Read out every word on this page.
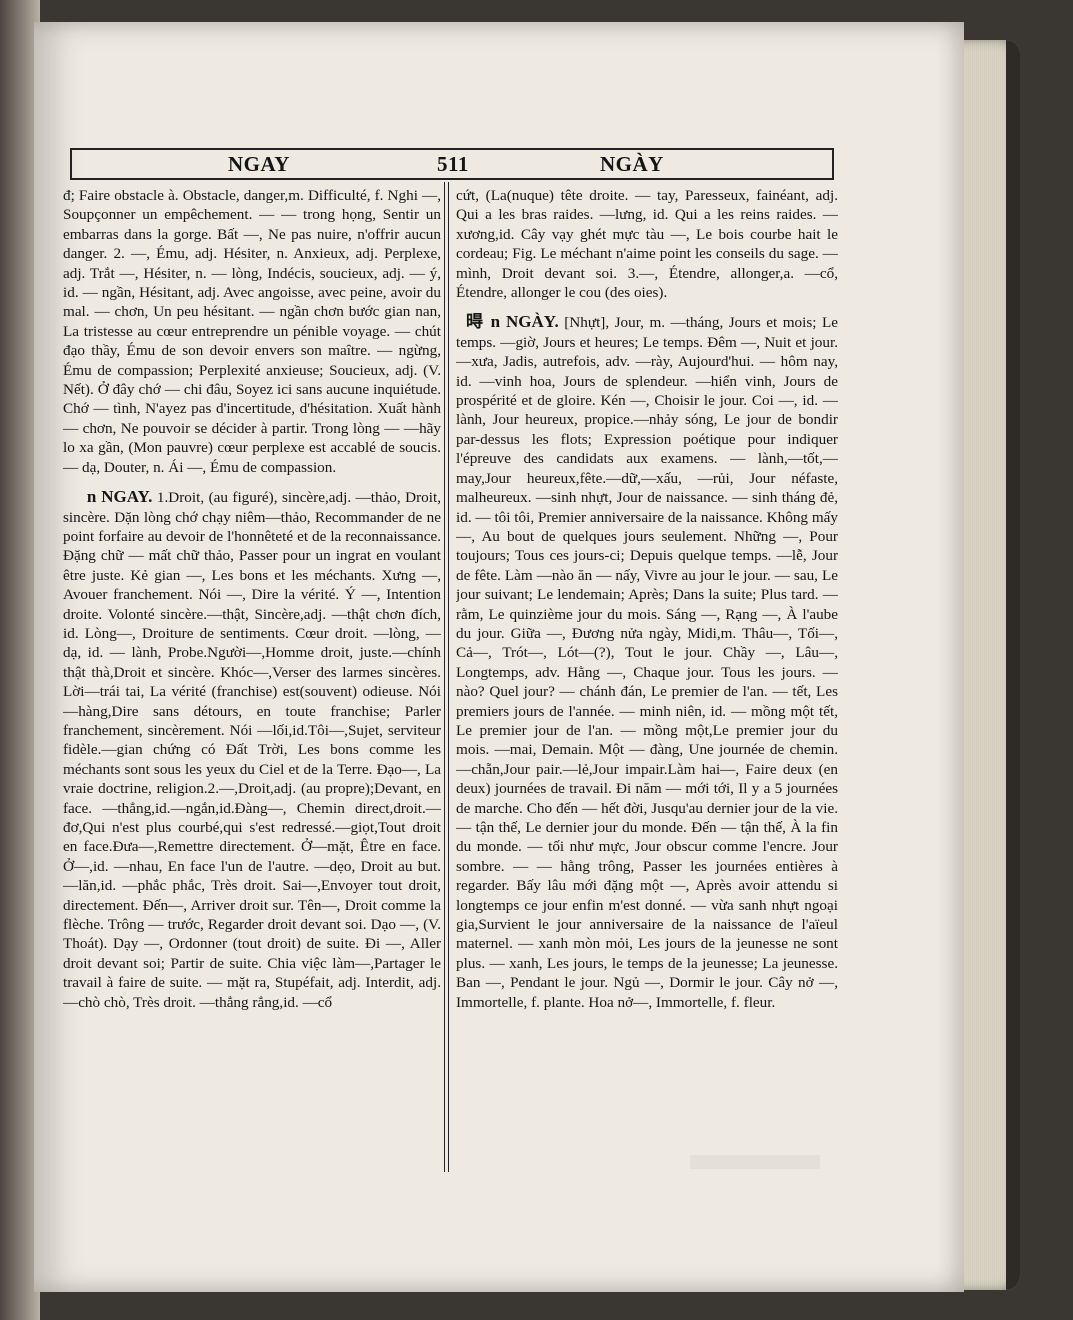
NGAY	511	NGÀY

đ; Faire obstacle à. Obstacle, danger,m. Difficulté, f. Nghi —, Soupçonner un empêchement. — — trong họng, Sentir un embarras dans la gorge. Bất —, Ne pas nuire, n'offrir aucun danger. 2. —, Ému, adj. Hésiter, n. Anxieux, adj. Perplexe, adj. Trắt —, Hésiter, n. — lòng, Indécis, soucieux, adj. — ý, id. — ngần, Hésitant, adj. Avec angoisse, avec peine, avoir du mal. — chơn, Un peu hésitant. — ngần chơn bước gian nan, La tristesse au cœur entreprendre un pénible voyage. — chút đạo thầy, Ému de son devoir envers son maître. — ngừng, Ému de compassion; Perplexité anxieuse; Soucieux, adj. (V. Nết). Ở đây chớ — chi đâu, Soyez ici sans aucune inquiétude. Chớ — tình, N'ayez pas d'incertitude, d'hésitation. Xuất hành — chơn, Ne pouvoir se décider à partir. Trong lòng — —hãy lo xa gần, (Mon pauvre) cœur perplexe est accablé de soucis. — dạ, Douter, n. Ái —, Ému de compassion.

𥐇n NGAY. 1.Droit, (au figuré), sincère,adj. —thảo, Droit, sincère. Dặn lòng chớ chạy niêm—thảo, Recommander de ne point forfaire au devoir de l'honnêteté et de la reconnaissance. Đặng chữ — mất chữ thảo, Passer pour un ingrat en voulant être juste. Kẻ gian —, Les bons et les méchants. Xưng —, Avouer franchement. Nói —, Dire la vérité. Ý —, Intention droite. Volonté sincère.—thật, Sincère,adj. —thật chơn đích, id. Lòng—, Droiture de sentiments. Cœur droit. —lòng, — dạ, id. — lành, Probe.Người—,Homme droit, juste.—chính thật thà,Droit et sincère. Khóc—,Verser des larmes sincères. Lời—trái tai, La vérité (franchise) est(souvent) odieuse. Nói—hàng,Dire sans détours, en toute franchise; Parler franchement, sincèrement. Nói —lối,id.Tôi—,Sujet, serviteur fidèle.—gian chứng có Đất Trời, Les bons comme les méchants sont sous les yeux du Ciel et de la Terre. Đạo—, La vraie doctrine, religion.2.—,Droit,adj. (au propre);Devant, en face. —thẳng,id.—ngắn,id.Đàng—, Chemin direct,droit.—đơ,Qui n'est plus courbé,qui s'est redressé.—giọt,Tout droit en face.Đưa—,Remettre directement. Ở—mặt, Être en face. Ở—,id. —nhau, En face l'un de l'autre. —dẹo, Droit au but. —lăn,id. —phắc phắc, Très droit. Sai—,Envoyer tout droit, directement. Đến—, Arriver droit sur. Tên—, Droit comme la flèche. Trông — trước, Regarder droit devant soi. Dạo —, (V. Thoát). Dạy —, Ordonner (tout droit) de suite. Đi —, Aller droit devant soi; Partir de suite. Chia việc làm—,Partager le travail à faire de suite. — mặt ra, Stupéfait, adj. Interdit, adj. —chò chò, Très droit. —thẳng rẳng,id. —cổ

cứt, (La(nuque) tête droite. — tay, Paresseux, fainéant, adj. Qui a les bras raides. —lưng, id. Qui a les reins raides. —xương,id. Cây vạy ghét mực tàu —, Le bois courbe hait le cordeau; Fig. Le méchant n'aime point les conseils du sage. — mình, Droit devant soi. 3.—, Étendre, allonger,a. —cổ, Étendre, allonger le cou (des oies).

𣈜 n NGÀY. [Nhựt], Jour, m. —tháng, Jours et mois; Le temps. —giờ, Jours et heures; Le temps. Đêm —, Nuit et jour. —xưa, Jadis, autrefois, adv. —rày, Aujourd'hui. — hôm nay, id. —vinh hoa, Jours de splendeur. —hiển vinh, Jours de prospérité et de gloire. Kén —, Choisir le jour. Coi —, id. — lành, Jour heureux, propice.—nhảy sóng, Le jour de bondir par-dessus les flots; Expression poétique pour indiquer l'épreuve des candidats aux examens. — lành,—tốt,—may,Jour heureux,fête.—dữ,—xấu, —rủi, Jour néfaste, malheureux. —sinh nhựt, Jour de naissance. — sinh tháng đẻ, id. — tôi tôi, Premier anniversaire de la naissance. Không mấy —, Au bout de quelques jours seulement. Những —, Pour toujours; Tous ces jours-ci; Depuis quelque temps. —lễ, Jour de fête. Làm —nào ăn — nấy, Vivre au jour le jour. — sau, Le jour suivant; Le lendemain; Après; Dans la suite; Plus tard. — rằm, Le quinzième jour du mois. Sáng —, Rạng —, À l'aube du jour. Giữa —, Đương nửa ngày, Midi,m. Thâu—, Tối—, Cả—, Trót—, Lót—(?), Tout le jour. Chầy —, Lâu—, Longtemps, adv. Hằng —, Chaque jour. Tous les jours. — nào? Quel jour? — chánh đán, Le premier de l'an. — tết, Les premiers jours de l'année. — minh niên, id. — mồng một tết, Le premier jour de l'an. — mồng một,Le premier jour du mois. —mai, Demain. Một — đàng, Une journée de chemin.—chẵn,Jour pair.—lẻ,Jour impair.Làm hai—, Faire deux (en deux) journées de travail. Đi năm — mới tới, Il y a 5 journées de marche. Cho đến — hết đời, Jusqu'au dernier jour de la vie. — tận thế, Le dernier jour du monde. Đến — tận thế, À la fin du monde. — tối như mực, Jour obscur comme l'encre. Jour sombre. — — hằng trông, Passer les journées entières à regarder. Bấy lâu mới đặng một —, Après avoir attendu si longtemps ce jour enfin m'est donné. — vừa sanh nhựt ngoại gia,Survient le jour anniversaire de la naissance de l'aïeul maternel. — xanh mòn mỏi, Les jours de la jeunesse ne sont plus. — xanh, Les jours, le temps de la jeunesse; La jeunesse. Ban —, Pendant le jour. Ngủ —, Dormir le jour. Cây nở —, Immortelle, f. plante. Hoa nở—, Immortelle, f. fleur.
